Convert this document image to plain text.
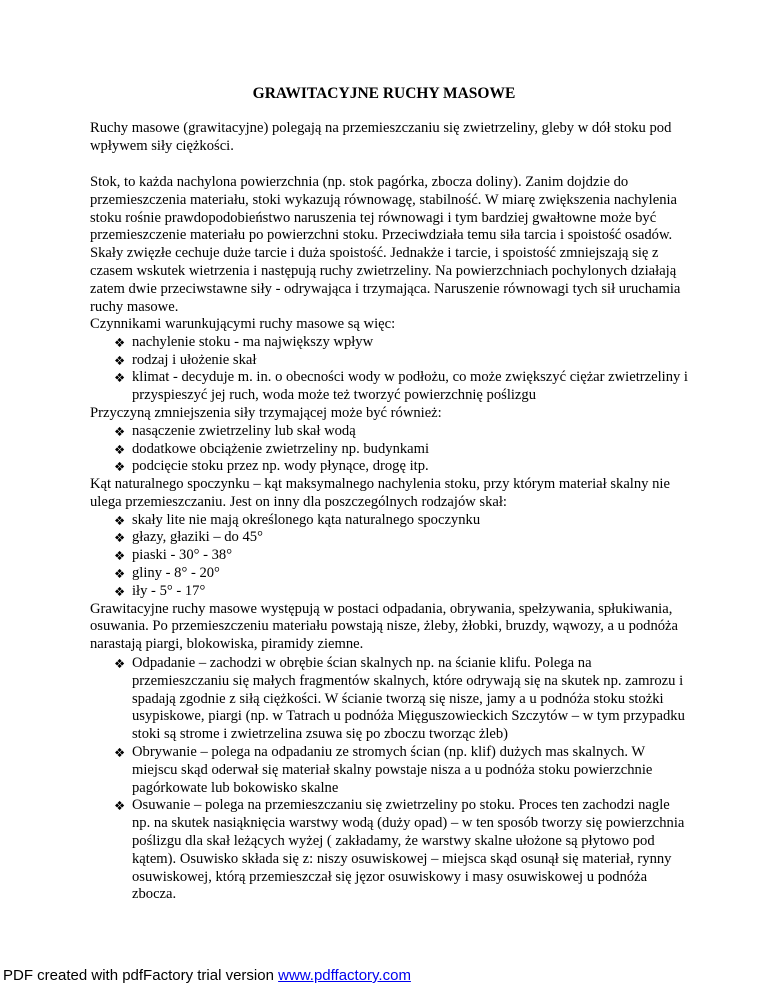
GRAWITACYJNE RUCHY MASOWE

Ruchy masowe (grawitacyjne) polegają na przemieszczaniu się zwietrzeliny, gleby w dół stoku pod wpływem siły ciężkości.

Stok, to każda nachylona powierzchnia (np. stok pagórka, zbocza doliny). Zanim dojdzie do przemieszczenia materiału, stoki wykazują równowagę, stabilność. W miarę zwiększenia nachylenia stoku rośnie prawdopodobieństwo naruszenia tej równowagi i tym bardziej gwałtowne może być przemieszczenie materiału po powierzchni stoku. Przeciwdziała temu siła tarcia i spoistość osadów. Skały zwięzłe cechuje duże tarcie i duża spoistość. Jednakże i tarcie, i spoistość zmniejszają się z czasem wskutek wietrzenia i następują ruchy zwietrzeliny. Na powierzchniach pochylonych działają zatem dwie przeciwstawne siły - odrywająca i trzymająca. Naruszenie równowagi tych sił uruchamia ruchy masowe.

Czynnikami warunkującymi ruchy masowe są więc:

❖ nachylenie stoku - ma największy wpływ
❖ rodzaj i ułożenie skał
❖ klimat - decyduje m. in. o obecności wody w podłożu, co może zwiększyć ciężar zwietrzeliny i przyspieszyć jej ruch, woda może też tworzyć powierzchnię poślizgu

Przyczyną zmniejszenia siły trzymającej może być również:

❖ nasączenie zwietrzeliny lub skał wodą
❖ dodatkowe obciążenie zwietrzeliny np. budynkami
❖ podcięcie stoku przez np. wody płynące, drogę itp.

Kąt naturalnego spoczynku – kąt maksymalnego nachylenia stoku, przy którym materiał skalny nie ulega przemieszczaniu. Jest on inny dla poszczególnych rodzajów skał:

❖ skały lite nie mają określonego kąta naturalnego spoczynku
❖ głazy, głaziki – do 45°
❖ piaski - 30° - 38°
❖ gliny - 8° - 20°
❖ iły - 5° - 17°

Grawitacyjne ruchy masowe występują w postaci odpadania, obrywania, spełzywania, spłukiwania, osuwania. Po przemieszczeniu materiału powstają nisze, żleby, żłobki, bruzdy, wąwozy, a u podnóża narastają piargi, blokowiska, piramidy ziemne.

❖ Odpadanie – zachodzi w obrębie ścian skalnych np. na ścianie klifu. Polega na przemieszczaniu się małych fragmentów skalnych, które odrywają się na skutek np. zamrozu i spadają zgodnie z siłą ciężkości. W ścianie tworzą się nisze, jamy a u podnóża stoku stożki usypiskowe, piargi (np. w Tatrach u podnóża Mięguszowieckich Szczytów – w tym przypadku stoki są strome i zwietrzelina zsuwa się po zboczu tworząc żleb)
❖ Obrywanie – polega na odpadaniu ze stromych ścian (np. klif) dużych mas skalnych. W miejscu skąd oderwał się materiał skalny powstaje nisza a u podnóża stoku powierzchnie pagórkowate lub bokowisko skalne
❖ Osuwanie – polega na przemieszczaniu się zwietrzeliny po stoku. Proces ten zachodzi nagle np. na skutek nasiąknięcia warstwy wodą (duży opad) – w ten sposób tworzy się powierzchnia poślizgu dla skał leżących wyżej ( zakładamy, że warstwy skalne ułożone są płytowo pod kątem). Osuwisko składa się z: niszy osuwiskowej – miejsca skąd osunął się materiał, rynny osuwiskowej, którą przemieszczał się jęzor osuwiskowy i masy osuwiskowej u podnóża zbocza.
PDF created with pdfFactory trial version www.pdffactory.com
